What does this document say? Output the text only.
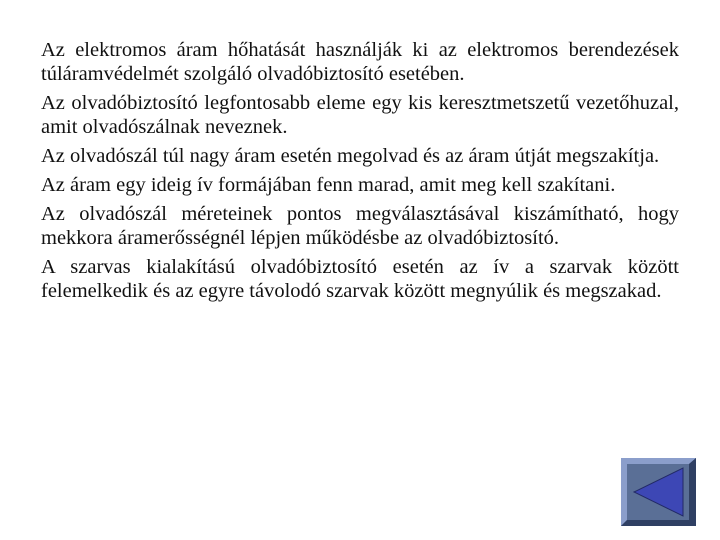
Az elektromos áram hőhatását használják ki az elektromos berendezések túláramvédelmét szolgáló olvadóbiztosító esetében.

Az olvadóbiztosító legfontosabb eleme egy kis keresztmetszetű vezetőhuzal, amit olvadószálnak neveznek.

Az olvadószál túl nagy áram esetén megolvad és az áram útját megszakítja.

Az áram egy ideig ív formájában fenn marad, amit meg kell szakítani.

Az olvadószál méreteinek pontos megválasztásával kiszámítható, hogy mekkora áramerősségnél lépjen működésbe az olvadóbiztosító.

A szarvas kialakítású olvadóbiztosító esetén az ív a szarvak között felemelkedik és az egyre távolodó szarvak között megnyúlik és megszakad.
